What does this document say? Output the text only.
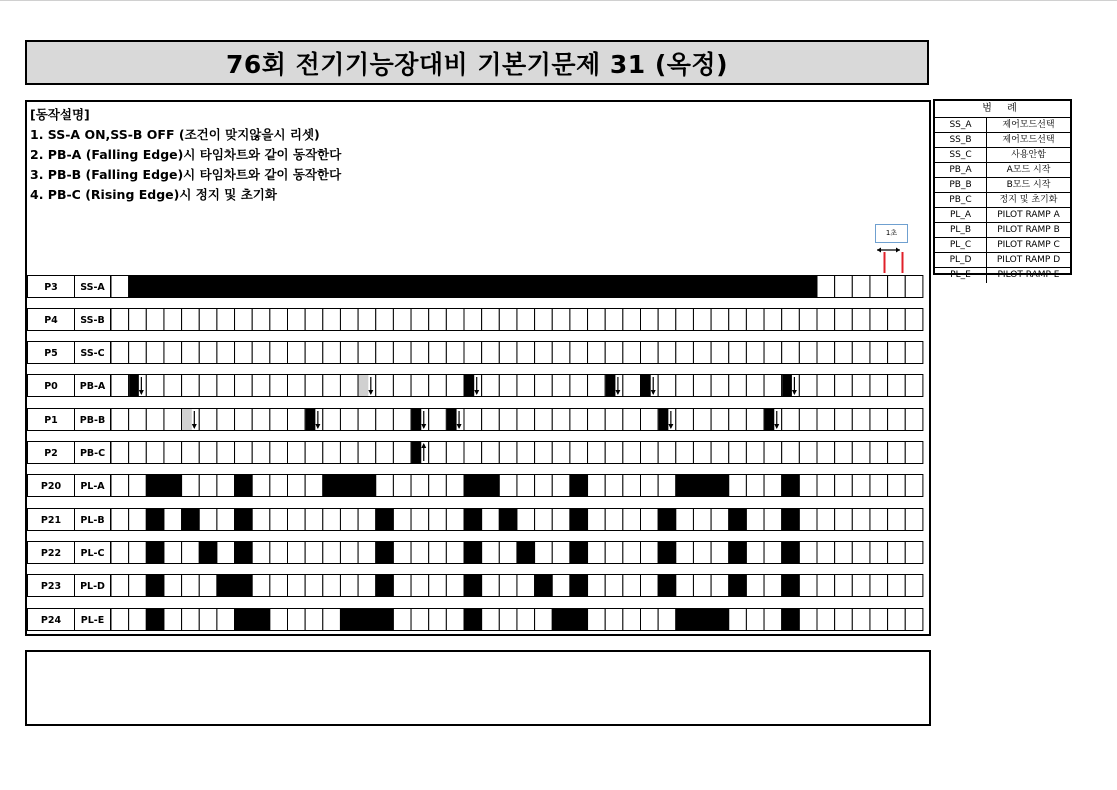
76회 전기기능장대비 기본기문제 31 (옥정)
[동작설명]
1. SS-A ON,SS-B OFF (조건이 맞지않을시 리셋)
2. PB-A (Falling Edge)시 타임차트와 같이 동작한다
3. PB-B (Falling Edge)시 타임차트와 같이 동작한다
4. PB-C (Rising Edge)시 정지 및 초기화
범 례
SS_A	제어모드선택
SS_B	제어모드선택
SS_C	사용안함
PB_A	A모드 시작
PB_B	B모드 시작
PB_C	정지 및 초기화
PL_A	PILOT RAMP A
PL_B	PILOT RAMP B
PL_C	PILOT RAMP C
PL_D	PILOT RAMP D
PL_E	PILOT RAMP E
1초
P3	SS-A
P4	SS-B
P5	SS-C
P0	PB-A
P1	PB-B
P2	PB-C
P20	PL-A
P21	PL-B
P22	PL-C
P23	PL-D
P24	PL-E
